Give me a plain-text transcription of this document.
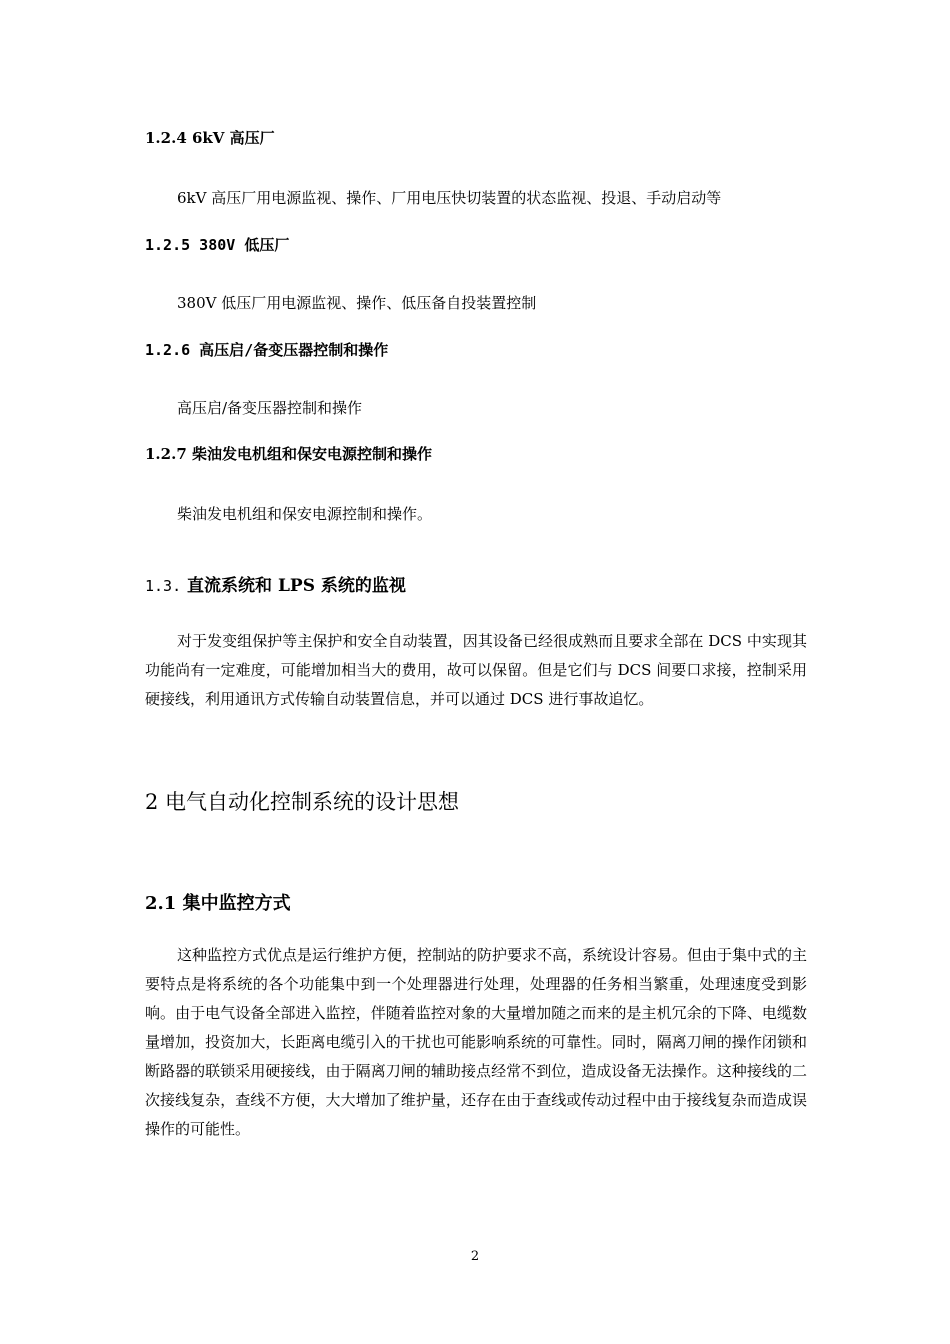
1.2.4 6kV 高压厂

6kV 高压厂用电源监视、操作、厂用电压快切装置的状态监视、投退、手动启动等

1.2.5 380V 低压厂

380V 低压厂用电源监视、操作、低压备自投装置控制

1.2.6 高压启/备变压器控制和操作

高压启/备变压器控制和操作

1.2.7 柴油发电机组和保安电源控制和操作

柴油发电机组和保安电源控制和操作。

1.3. 直流系统和 LPS 系统的监视

对于发变组保护等主保护和安全自动装置，因其设备已经很成熟而且要求全部在 DCS 中实现其功能尚有一定难度，可能增加相当大的费用，故可以保留。但是它们与 DCS 间要口求接，控制采用硬接线，利用通讯方式传输自动装置信息，并可以通过 DCS 进行事故追忆。

2 电气自动化控制系统的设计思想

2.1 集中监控方式

这种监控方式优点是运行维护方便，控制站的防护要求不高，系统设计容易。但由于集中式的主要特点是将系统的各个功能集中到一个处理器进行处理，处理器的任务相当繁重，处理速度受到影响。由于电气设备全部进入监控，伴随着监控对象的大量增加随之而来的是主机冗余的下降、电缆数量增加，投资加大，长距离电缆引入的干扰也可能影响系统的可靠性。同时，隔离刀闸的操作闭锁和断路器的联锁采用硬接线，由于隔离刀闸的辅助接点经常不到位，造成设备无法操作。这种接线的二次接线复杂，查线不方便，大大增加了维护量，还存在由于查线或传动过程中由于接线复杂而造成误操作的可能性。

2
